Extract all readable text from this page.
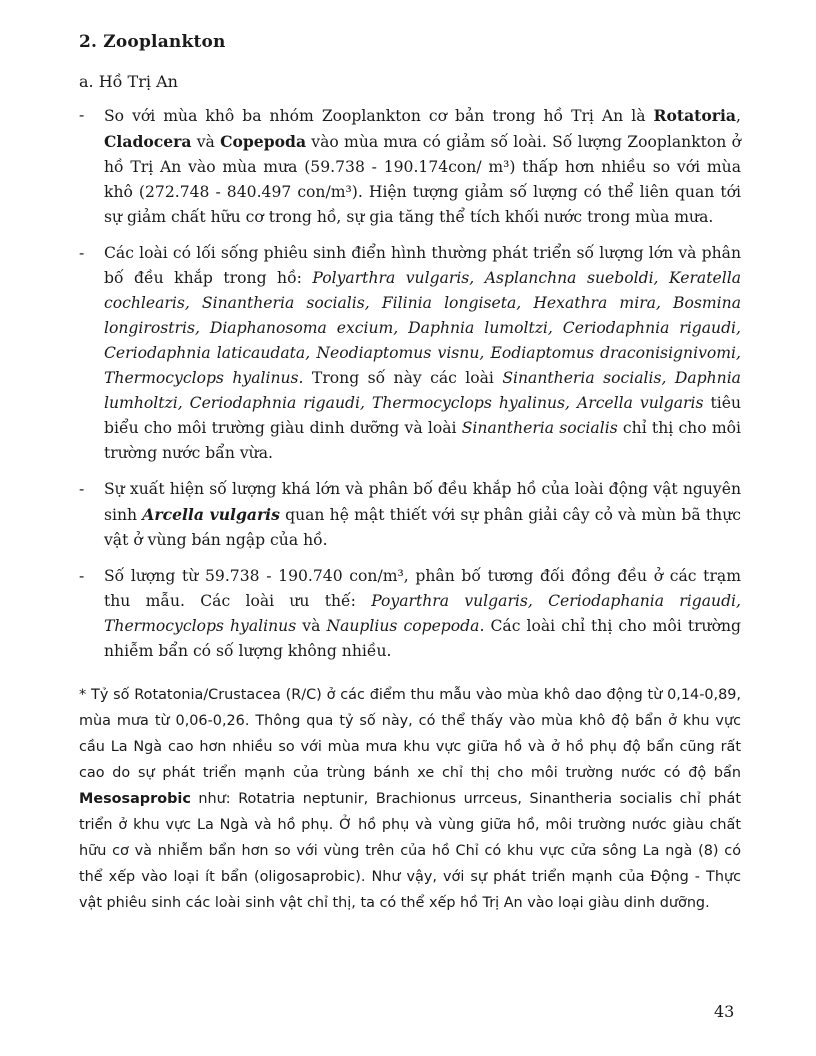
2. Zooplankton
a. Hồ Trị An
- So với mùa khô ba nhóm Zooplankton cơ bản trong hồ Trị An là Rotatoria, Cladocera và Copepoda vào mùa mưa có giảm số loài. Số lượng Zooplankton ở hồ Trị An vào mùa mưa (59.738 - 190.174con/ m³) thấp hơn nhiều so với mùa khô (272.748 - 840.497 con/m³). Hiện tượng giảm số lượng có thể liên quan tới sự giảm chất hữu cơ trong hồ, sự gia tăng thể tích khối nước trong mùa mưa.
- Các loài có lối sống phiêu sinh điển hình thường phát triển số lượng lớn và phân bố đều khắp trong hồ: Polyarthra vulgaris, Asplanchna sueboldi, Keratella cochlearis, Sinantheria socialis, Filinia longiseta, Hexathra mira, Bosmina longirostris, Diaphanosoma excium, Daphnia lumoltzi, Ceriodaphnia rigaudi, Ceriodaphnia laticaudata, Neodiaptomus visnu, Eodiaptomus draconisignivomi, Thermocyclops hyalinus. Trong số này các loài Sinantheria socialis, Daphnia lumholtzi, Ceriodaphnia rigaudi, Thermocyclops hyalinus, Arcella vulgaris tiêu biểu cho môi trường giàu dinh dưỡng và loài Sinantheria socialis chỉ thị cho môi trường nước bẩn vừa.
- Sự xuất hiện số lượng khá lớn và phân bố đều khắp hồ của loài động vật nguyên sinh Arcella vulgaris quan hệ mật thiết với sự phân giải cây cỏ và mùn bã thực vật ở vùng bán ngập của hồ.
- Số lượng từ 59.738 - 190.740 con/m³, phân bố tương đối đồng đều ở các trạm thu mẫu. Các loài ưu thế: Poyarthra vulgaris, Ceriodaphania rigaudi, Thermocyclops hyalinus và Nauplius copepoda. Các loài chỉ thị cho môi trường nhiễm bẩn có số lượng không nhiều.

* Tỷ số Rotatonia/Crustacea (R/C) ở các điểm thu mẫu vào mùa khô dao động từ 0,14-0,89, mùa mưa từ 0,06-0,26. Thông qua tỷ số này, có thể thấy vào mùa khô độ bẩn ở khu vực cầu La Ngà cao hơn nhiều so với mùa mưa khu vực giữa hồ và ở hồ phụ độ bẩn cũng rất cao do sự phát triển mạnh của trùng bánh xe chỉ thị cho môi trường nước có độ bẩn Mesosaprobic như: Rotatria neptunir, Brachionus urrceus, Sinantheria socialis chỉ phát triển ở khu vực La Ngà và hồ phụ. Ở hồ phụ và vùng giữa hồ, môi trường nước giàu chất hữu cơ và nhiễm bẩn hơn so với vùng trên của hồ Chỉ có khu vực cửa sông La ngà (8) có thể xếp vào loại ít bẩn (oligosaprobic). Như vậy, với sự phát triển mạnh của Động - Thực vật phiêu sinh các loài sinh vật chỉ thị, ta có thể xếp hồ Trị An vào loại giàu dinh dưỡng.

43
